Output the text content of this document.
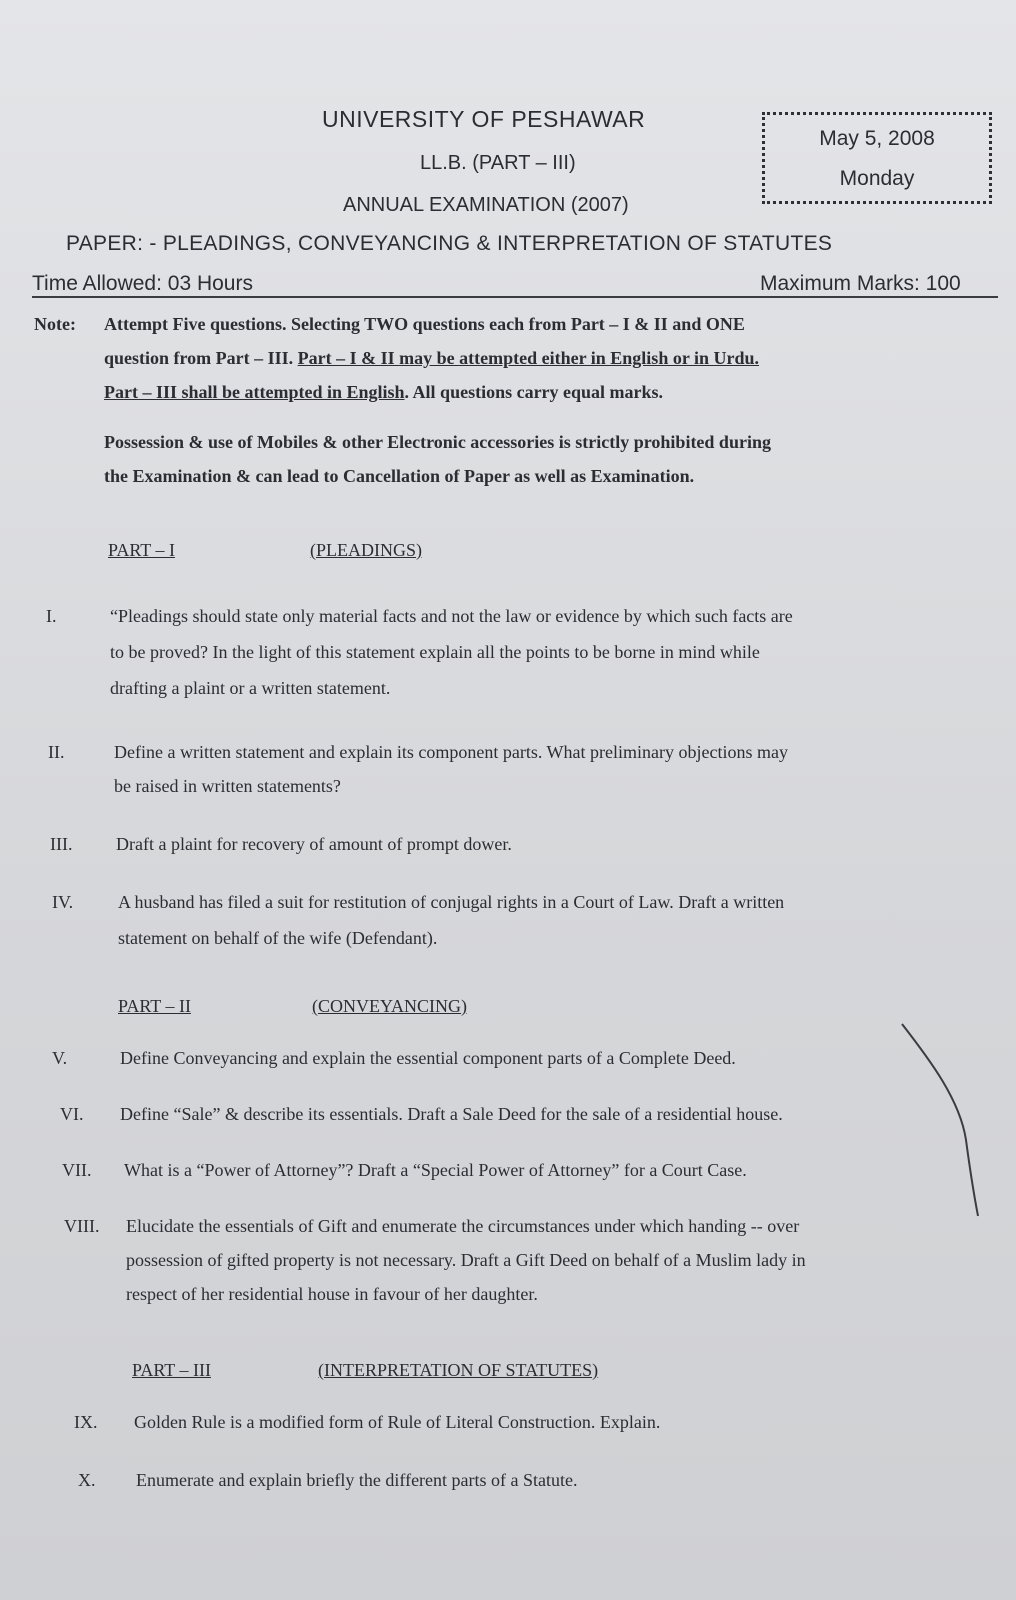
UNIVERSITY OF PESHAWAR
LL.B. (PART – III)
ANNUAL EXAMINATION (2007)
May 5, 2008
Monday
PAPER: - PLEADINGS, CONVEYANCING & INTERPRETATION OF STATUTES
Time Allowed: 03 Hours	Maximum Marks: 100
Note: Attempt Five questions. Selecting TWO questions each from Part – I & II and ONE
question from Part – III. Part – I & II may be attempted either in English or in Urdu.
Part – III shall be attempted in English. All questions carry equal marks.
Possession & use of Mobiles & other Electronic accessories is strictly prohibited during
the Examination & can lead to Cancellation of Paper as well as Examination.
PART – I	(PLEADINGS)
I.	“Pleadings should state only material facts and not the law or evidence by which such facts are
to be proved? In the light of this statement explain all the points to be borne in mind while
drafting a plaint or a written statement.
II.	Define a written statement and explain its component parts. What preliminary objections may
be raised in written statements?
III. Draft a plaint for recovery of amount of prompt dower.
IV. A husband has filed a suit for restitution of conjugal rights in a Court of Law. Draft a written
statement on behalf of the wife (Defendant).
PART – II	(CONVEYANCING)
V.	Define Conveyancing and explain the essential component parts of a Complete Deed.
VI. Define “Sale” & describe its essentials. Draft a Sale Deed for the sale of a residential house.
VII. What is a “Power of Attorney”? Draft a “Special Power of Attorney” for a Court Case.
VIII. Elucidate the essentials of Gift and enumerate the circumstances under which handing -- over
possession of gifted property is not necessary. Draft a Gift Deed on behalf of a Muslim lady in
respect of her residential house in favour of her daughter.
PART – III	(INTERPRETATION OF STATUTES)
IX. Golden Rule is a modified form of Rule of Literal Construction. Explain.
X. Enumerate and explain briefly the different parts of a Statute.
